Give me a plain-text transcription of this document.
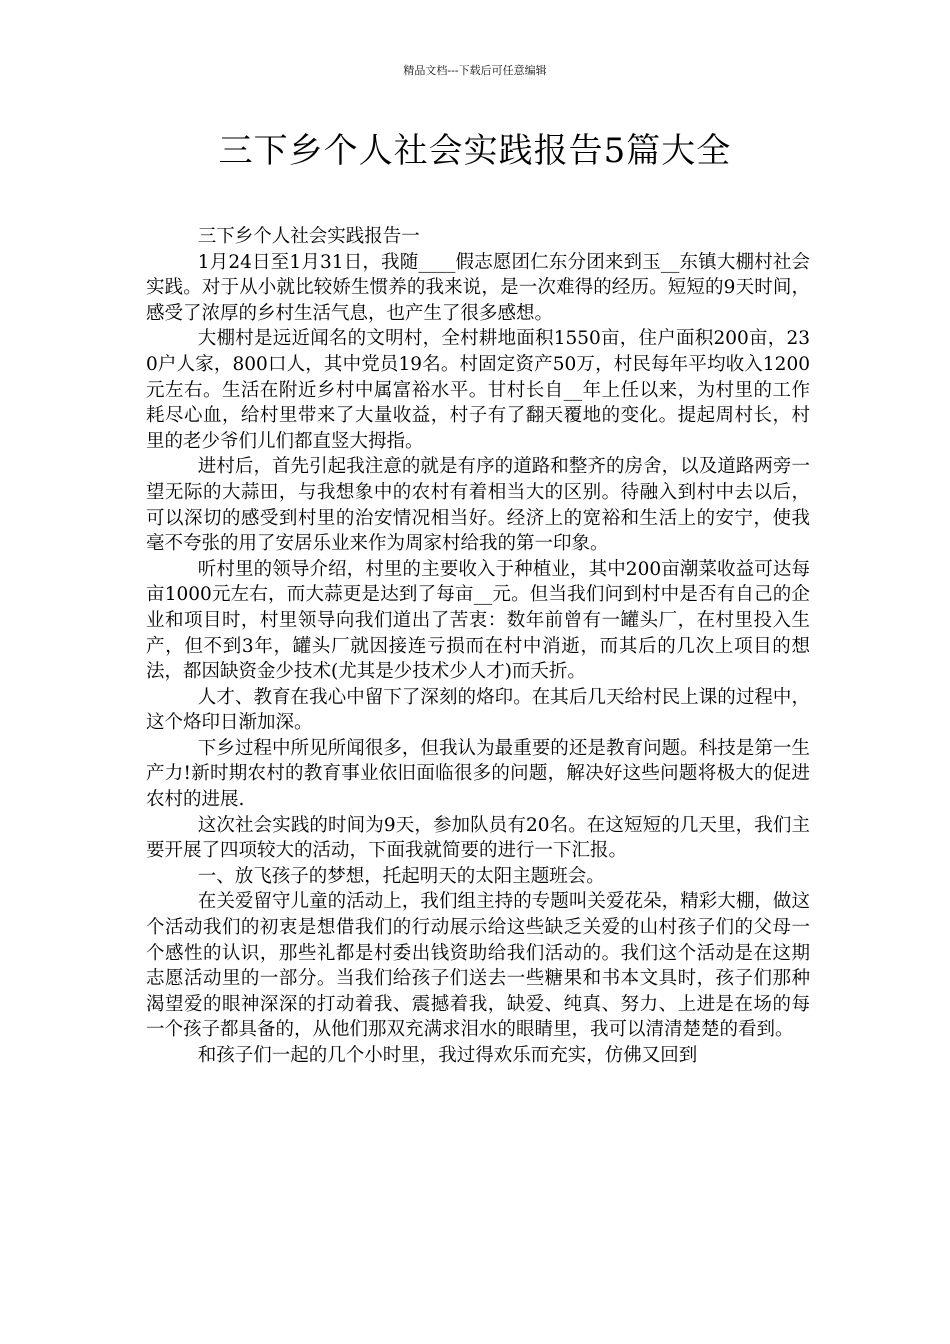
精品文档---下载后可任意编辑
三下乡个人社会实践报告5篇大全

三下乡个人社会实践报告一

1月24日至1月31日，我随____假志愿团仁东分团来到玉__东镇大棚村社会实践。对于从小就比较娇生惯养的我来说，是一次难得的经历。短短的9天时间，感受了浓厚的乡村生活气息，也产生了很多感想。

大棚村是远近闻名的文明村，全村耕地面积1550亩，住户面积200亩，230户人家，800口人，其中党员19名。村固定资产50万，村民每年平均收入1200元左右。生活在附近乡村中属富裕水平。甘村长自__年上任以来，为村里的工作耗尽心血，给村里带来了大量收益，村子有了翻天覆地的变化。提起周村长，村里的老少爷们儿们都直竖大拇指。

进村后，首先引起我注意的就是有序的道路和整齐的房舍，以及道路两旁一望无际的大蒜田，与我想象中的农村有着相当大的区别。待融入到村中去以后，可以深切的感受到村里的治安情况相当好。经济上的宽裕和生活上的安宁，使我毫不夸张的用了安居乐业来作为周家村给我的第一印象。

听村里的领导介绍，村里的主要收入于种植业，其中200亩潮菜收益可达每亩1000元左右，而大蒜更是达到了每亩__元。但当我们问到村中是否有自己的企业和项目时，村里领导向我们道出了苦衷：数年前曾有一罐头厂，在村里投入生产，但不到3年，罐头厂就因接连亏损而在村中消逝，而其后的几次上项目的想法，都因缺资金少技术(尤其是少技术少人才)而夭折。

人才、教育在我心中留下了深刻的烙印。在其后几天给村民上课的过程中，这个烙印日渐加深。

下乡过程中所见所闻很多，但我认为最重要的还是教育问题。科技是第一生产力!新时期农村的教育事业依旧面临很多的问题，解决好这些问题将极大的促进农村的进展.

这次社会实践的时间为9天，参加队员有20名。在这短短的几天里，我们主要开展了四项较大的活动，下面我就简要的进行一下汇报。

一、放飞孩子的梦想，托起明天的太阳主题班会。

在关爱留守儿童的活动上，我们组主持的专题叫关爱花朵，精彩大棚，做这个活动我们的初衷是想借我们的行动展示给这些缺乏关爱的山村孩子们的父母一个感性的认识，那些礼都是村委出钱资助给我们活动的。我们这个活动是在这期志愿活动里的一部分。当我们给孩子们送去一些糖果和书本文具时，孩子们那种渴望爱的眼神深深的打动着我、震撼着我，缺爱、纯真、努力、上进是在场的每一个孩子都具备的，从他们那双充满求泪水的眼睛里，我可以清清楚楚的看到。

和孩子们一起的几个小时里，我过得欢乐而充实，仿佛又回到
